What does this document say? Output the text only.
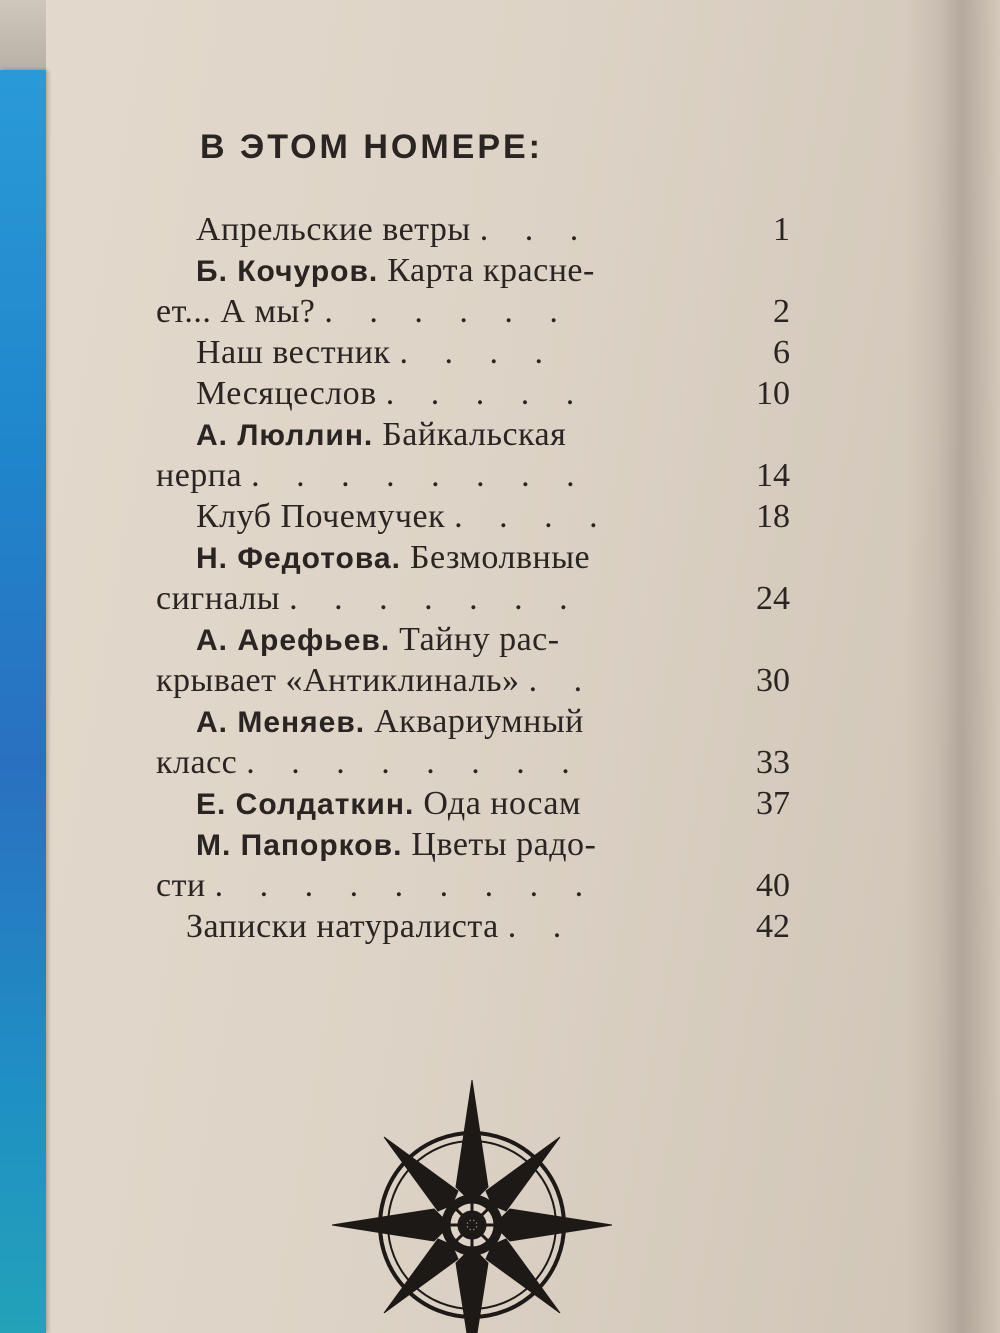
В ЭТОМ НОМЕРЕ:
Апрельские ветры . . .	1
Б. Кочуров. Карта краснe-
ет... А мы? . . . . . .	2
Наш вестник . . . .	6
Месяцеслов . . . . .	10
А. Люллин. Байкальская
нерпа . . . . . . . .	14
Клуб Почемучек . . . .	18
Н. Федотова. Безмолвные
сигналы . . . . . . .	24
А. Арефьев. Тайну рас-
крывает «Антиклиналь» . .	30
А. Меняев. Аквариумный
класс . . . . . . . .	33
Е. Солдаткин. Ода носам	37
М. Папорков. Цветы радо-
сти . . . . . . . . .	40
Записки натуралиста . .	42
